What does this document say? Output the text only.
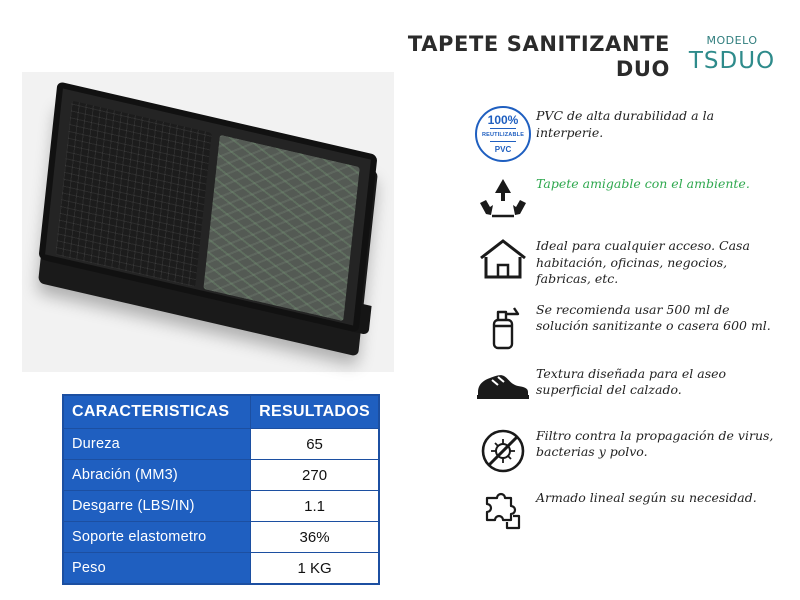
TAPETE SANITIZANTE
DUO
MODELO
TSDUO
CARACTERISTICAS	RESULTADOS
Dureza	65
Abración (MM3)	270
Desgarre (LBS/IN)	1.1
Soporte elastometro	36%
Peso	1 KG
100%
REUTILIZABLE
PVC
PVC de alta durabilidad a la interperie.
Tapete amigable con el ambiente.
Ideal para cualquier acceso. Casa habitación, oficinas, negocios, fabricas, etc.
Se recomienda usar 500 ml de solución sanitizante o casera 600 ml.
Textura diseñada para el aseo superficial del calzado.
Filtro contra la propagación de virus, bacterias y polvo.
Armado lineal según su necesidad.
